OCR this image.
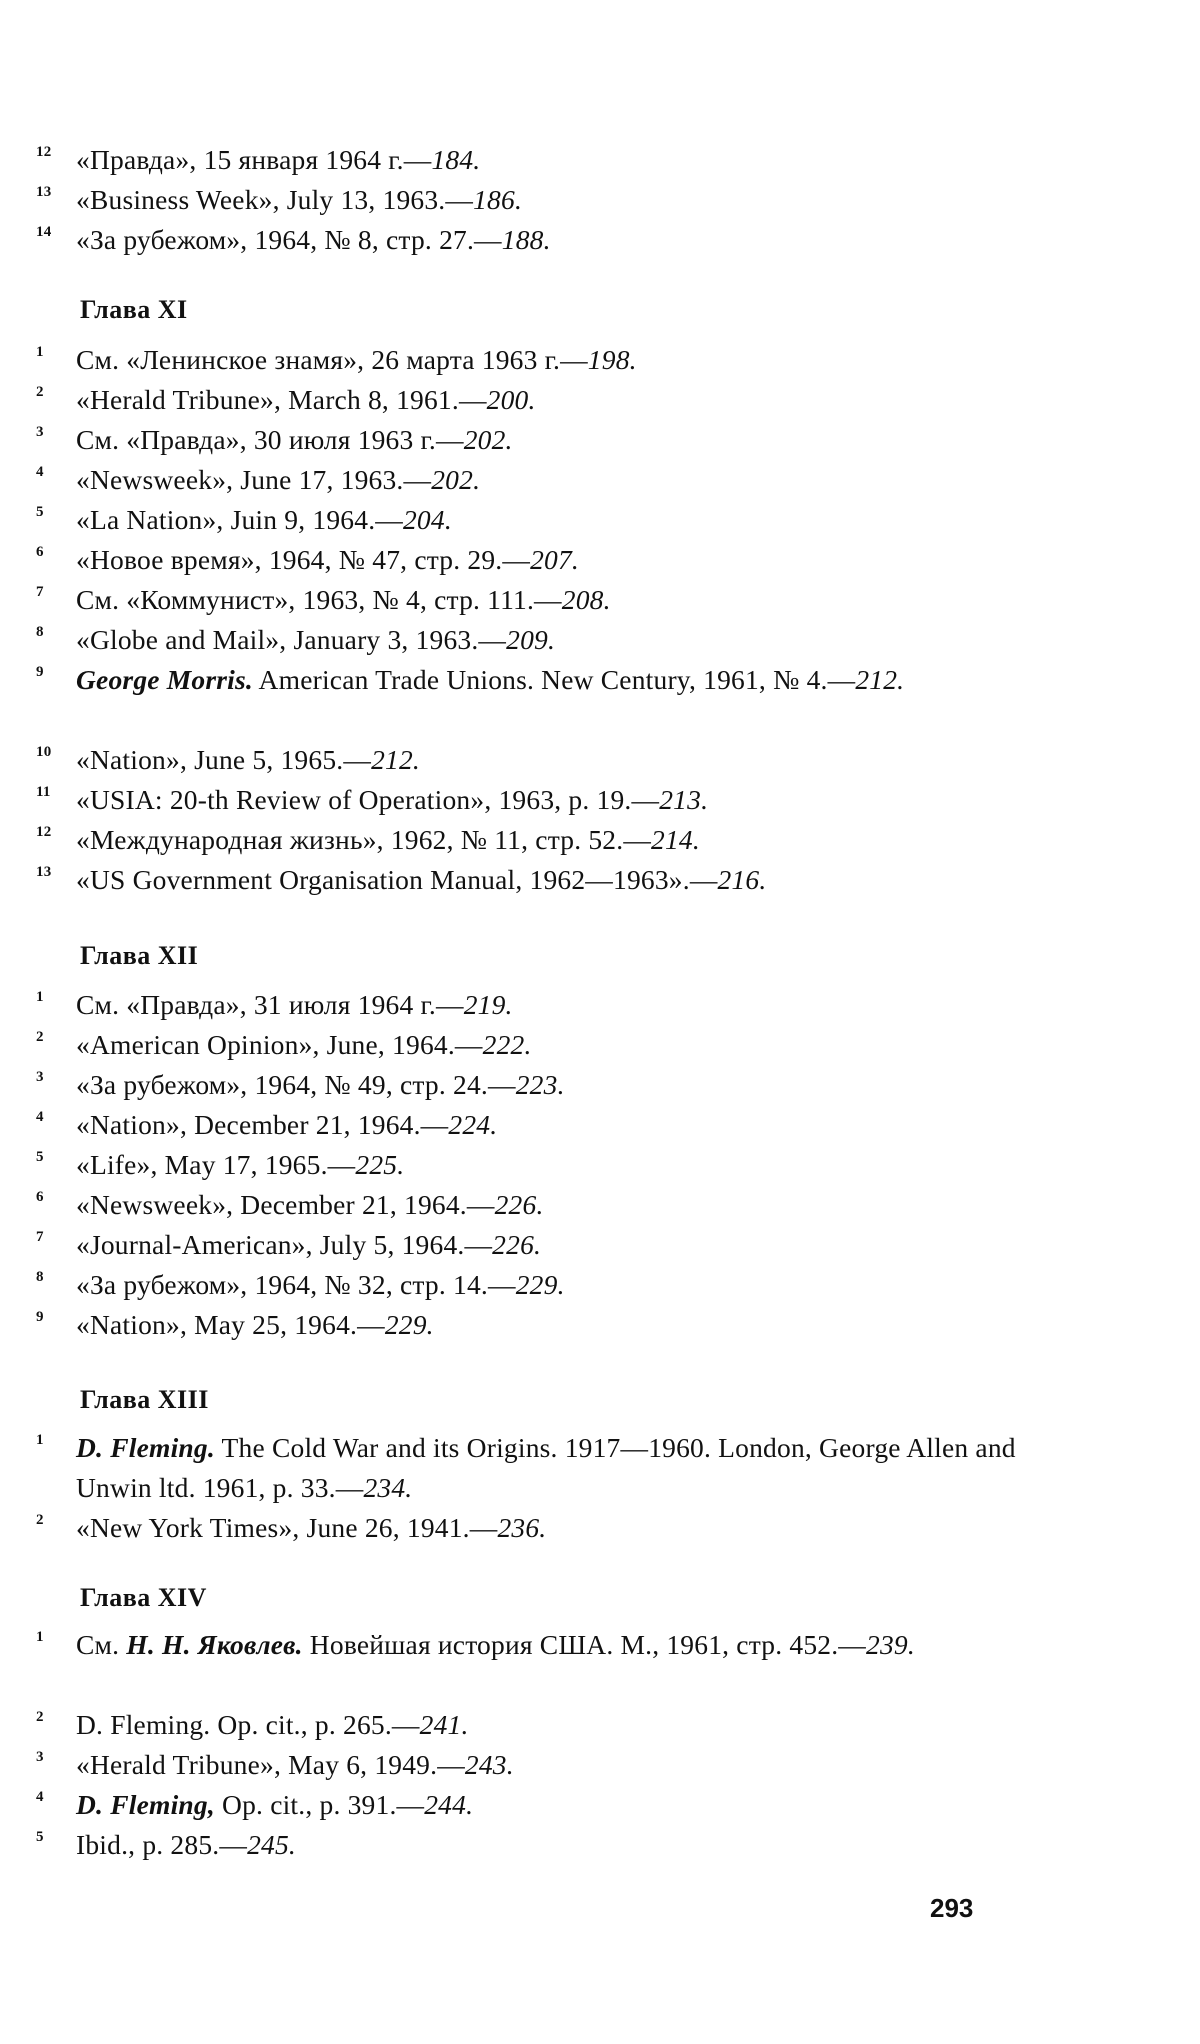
12 «Правда», 15 января 1964 г.—184.
13 «Business Week», July 13, 1963.—186.
14 «За рубежом», 1964, № 8, стр. 27.—188.
Глава XI
1	См. «Ленинское знамя», 26 марта 1963 г.—198.
2	«Herald Tribune», March 8, 1961.—200.
3	См. «Правда», 30 июля 1963 г.—202.
4	«Newsweek», June 17, 1963.—202.
5	«La Nation», Juin 9, 1964.—204.
6	«Новое время», 1964, № 47, стр. 29.—207.
7	См. «Коммунист», 1963, № 4, стр. 111.—208.
8	«Globe and Mail», January 3, 1963.—209.
9	George Morris. American Trade Unions. New Century, 1961, № 4.—212.
10 «Nation», June 5, 1965.—212.
11 «USIA: 20-th Review of Operation», 1963, p. 19.—213.
12 «Международная жизнь», 1962, № 11, стр. 52.—214.
13 «US Government Organisation Manual, 1962—1963».—216.
Глава XII
1	См. «Правда», 31 июля 1964 г.—219.
2	«American Opinion», June, 1964.—222.
3	«За рубежом», 1964, № 49, стр. 24.—223.
4	«Nation», December 21, 1964.—224.
5	«Life», May 17, 1965.—225.
6	«Newsweek», December 21, 1964.—226.
7	«Journal-American», July 5, 1964.—226.
8	«За рубежом», 1964, № 32, стр. 14.—229.
9	«Nation», May 25, 1964.—229.
Глава XIII
1	D. Fleming. The Cold War and its Origins. 1917—1960. London, George Allen and Unwin ltd. 1961, p. 33.—234.
2	«New York Times», June 26, 1941.—236.
Глава XIV
1	См. Н. Н. Яковлев. Новейшая история США. М., 1961, стр. 452.—239.
2	D. Fleming. Op. cit., p. 265.—241.
3	«Herald Tribune», May 6, 1949.—243.
4	D. Fleming, Op. cit., p. 391.—244.
5	Ibid., p. 285.—245.
293
